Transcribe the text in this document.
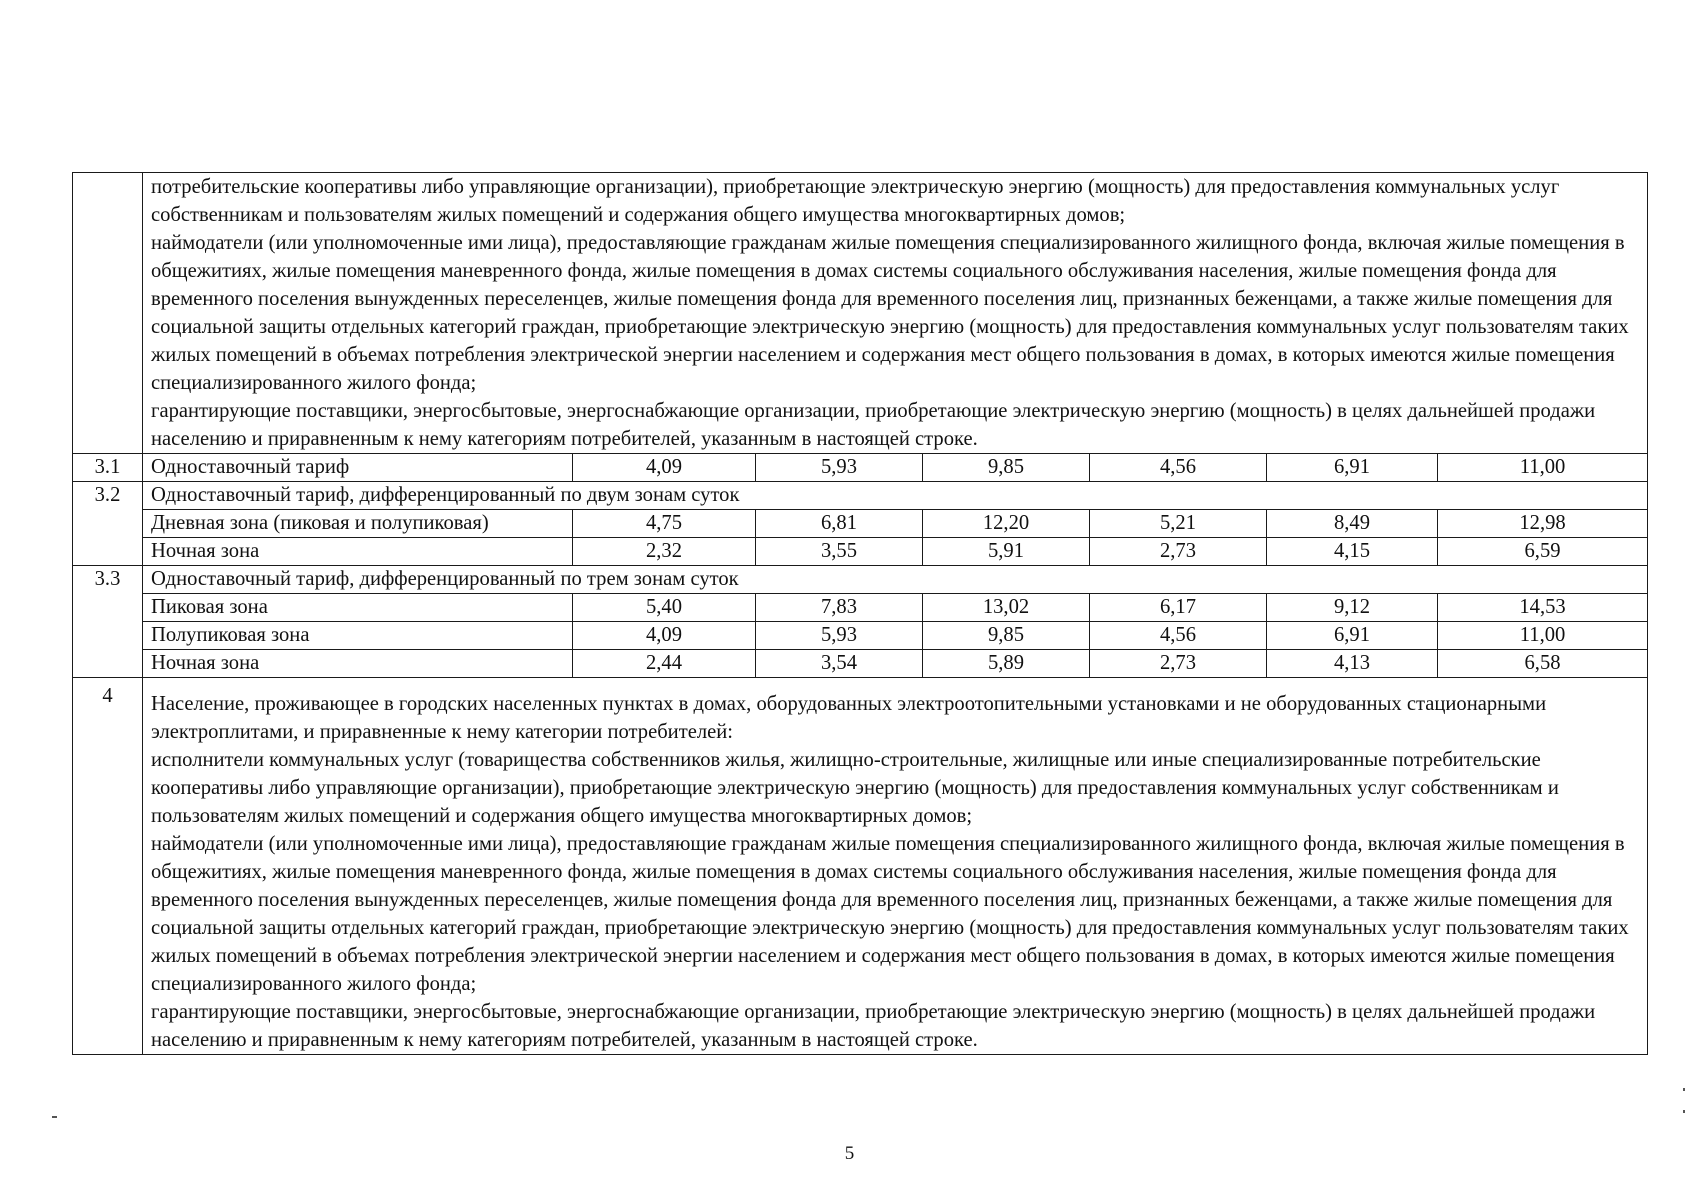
	потребительские кооперативы либо управляющие организации), приобретающие электрическую энергию (мощность) для предоставления коммунальных услуг собственникам и пользователям жилых помещений и содержания общего имущества многоквартирных домов;

наймодатели (или уполномоченные ими лица), предоставляющие гражданам жилые помещения специализированного жилищного фонда, включая жилые помещения в общежитиях, жилые помещения маневренного фонда, жилые помещения в домах системы социального обслуживания населения, жилые помещения фонда для временного поселения вынужденных переселенцев, жилые помещения фонда для временного поселения лиц, признанных беженцами, а также жилые помещения для социальной защиты отдельных категорий граждан, приобретающие электрическую энергию (мощность) для предоставления коммунальных услуг пользователям таких жилых помещений в объемах потребления электрической энергии населением и содержания мест общего пользования в домах, в которых имеются жилые помещения специализированного жилого фонда;

гарантирующие поставщики, энергосбытовые, энергоснабжающие организации, приобретающие электрическую энергию (мощность) в целях дальнейшей продажи населению и приравненным к нему категориям потребителей, указанным в настоящей строке.						

3.1	Одноставочный тариф	4,09	5,93	9,85	4,56	6,91	11,00
3.2	Одноставочный тариф, дифференцированный по двум зонам суток						
	Дневная зона (пиковая и полупиковая)	4,75	6,81	12,20	5,21	8,49	12,98
	Ночная зона	2,32	3,55	5,91	2,73	4,15	6,59
3.3	Одноставочный тариф, дифференцированный по трем зонам суток						
	Пиковая зона	5,40	7,83	13,02	6,17	9,12	14,53
	Полупиковая зона	4,09	5,93	9,85	4,56	6,91	11,00
	Ночная зона	2,44	3,54	5,89	2,73	4,13	6,58
4	Население, проживающее в городских населенных пунктах в домах, оборудованных электроотопительными установками и не оборудованных стационарными электроплитами, и приравненные к нему категории потребителей:

исполнители коммунальных услуг (товарищества собственников жилья, жилищно-строительные, жилищные или иные специализированные потребительские кооперативы либо управляющие организации), приобретающие электрическую энергию (мощность) для предоставления коммунальных услуг собственникам и пользователям жилых помещений и содержания общего имущества многоквартирных домов;

наймодатели (или уполномоченные ими лица), предоставляющие гражданам жилые помещения специализированного жилищного фонда, включая жилые помещения в общежитиях, жилые помещения маневренного фонда, жилые помещения в домах системы социального обслуживания населения, жилые помещения фонда для временного поселения вынужденных переселенцев, жилые помещения фонда для временного поселения лиц, признанных беженцами, а также жилые помещения для социальной защиты отдельных категорий граждан, приобретающие электрическую энергию (мощность) для предоставления коммунальных услуг пользователям таких жилых помещений в объемах потребления электрической энергии населением и содержания мест общего пользования в домах, в которых имеются жилые помещения специализированного жилого фонда;

гарантирующие поставщики, энергосбытовые, энергоснабжающие организации, приобретающие электрическую энергию (мощность) в целях дальнейшей продажи населению и приравненным к нему категориям потребителей, указанным в настоящей строке.						

5
